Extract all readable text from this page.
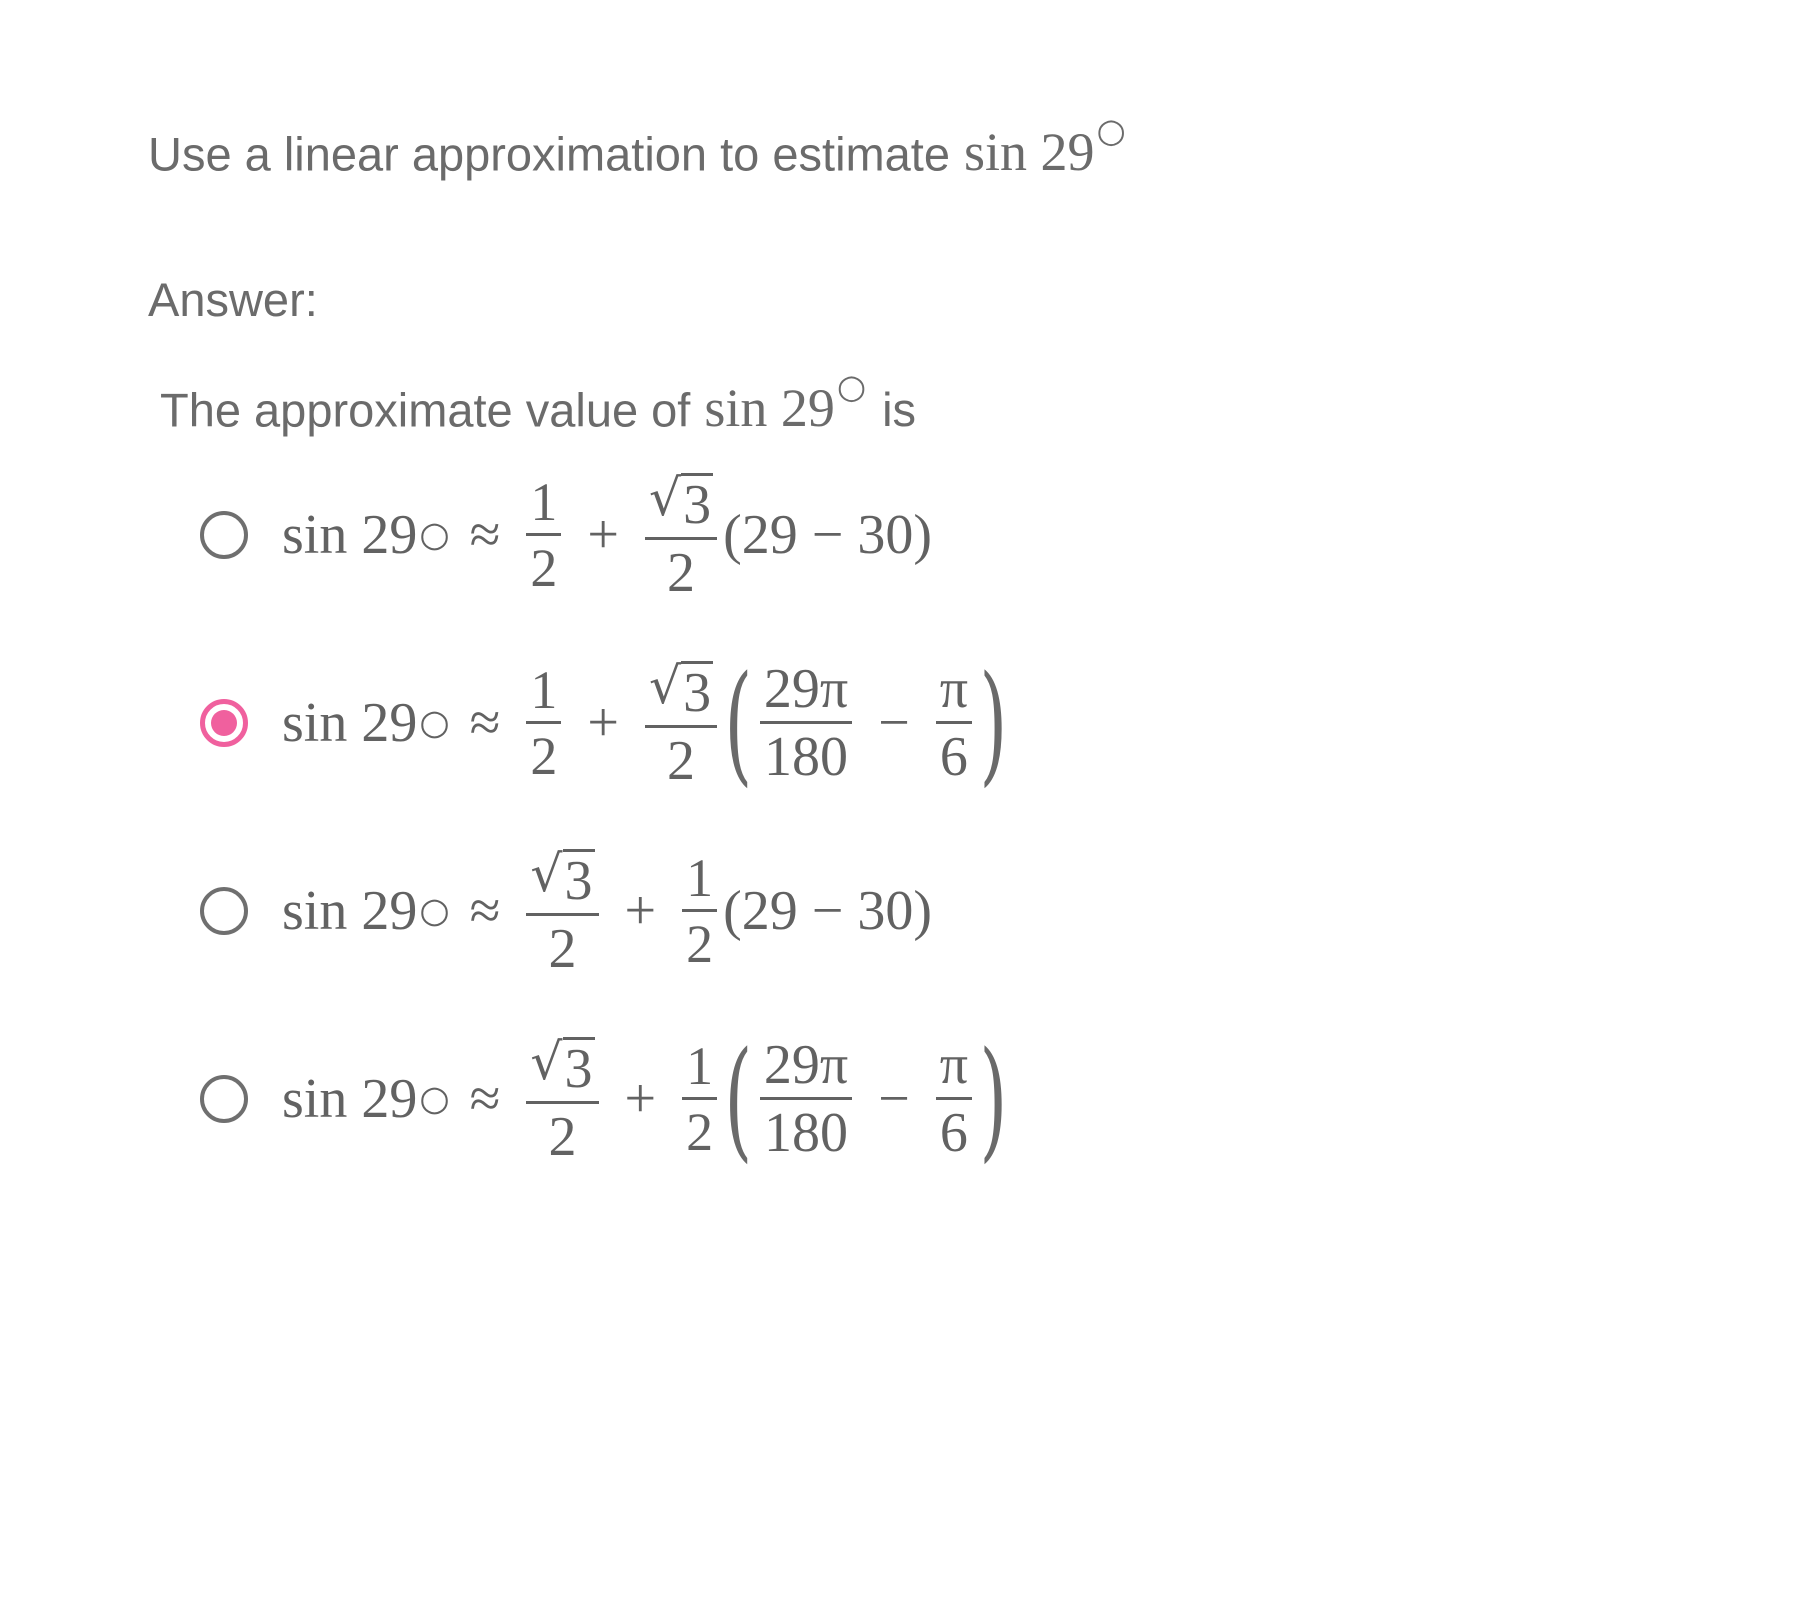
Use a linear approximation to estimate sin 29○
Answer:
The approximate value of sin 29○ is
sin 29 ○ ≈ $\frac{1}{2} + \frac{√ 3}{2} (29 - 30)$
sin 29 ○ ≈ $\frac{1}{2} + \frac{√ 3}{2}$ ( $\frac{29\pi}{180} - \frac{\pi}{6}$ )
sin 29 ○ ≈ $\frac{√ 3}{2} + \frac{1}{2} (29 - 30)$
sin 29 ○ ≈ $\frac{√ 3}{2} + \frac{1}{2}$ ( $\frac{29\pi}{180} - \frac{\pi}{6}$ )
